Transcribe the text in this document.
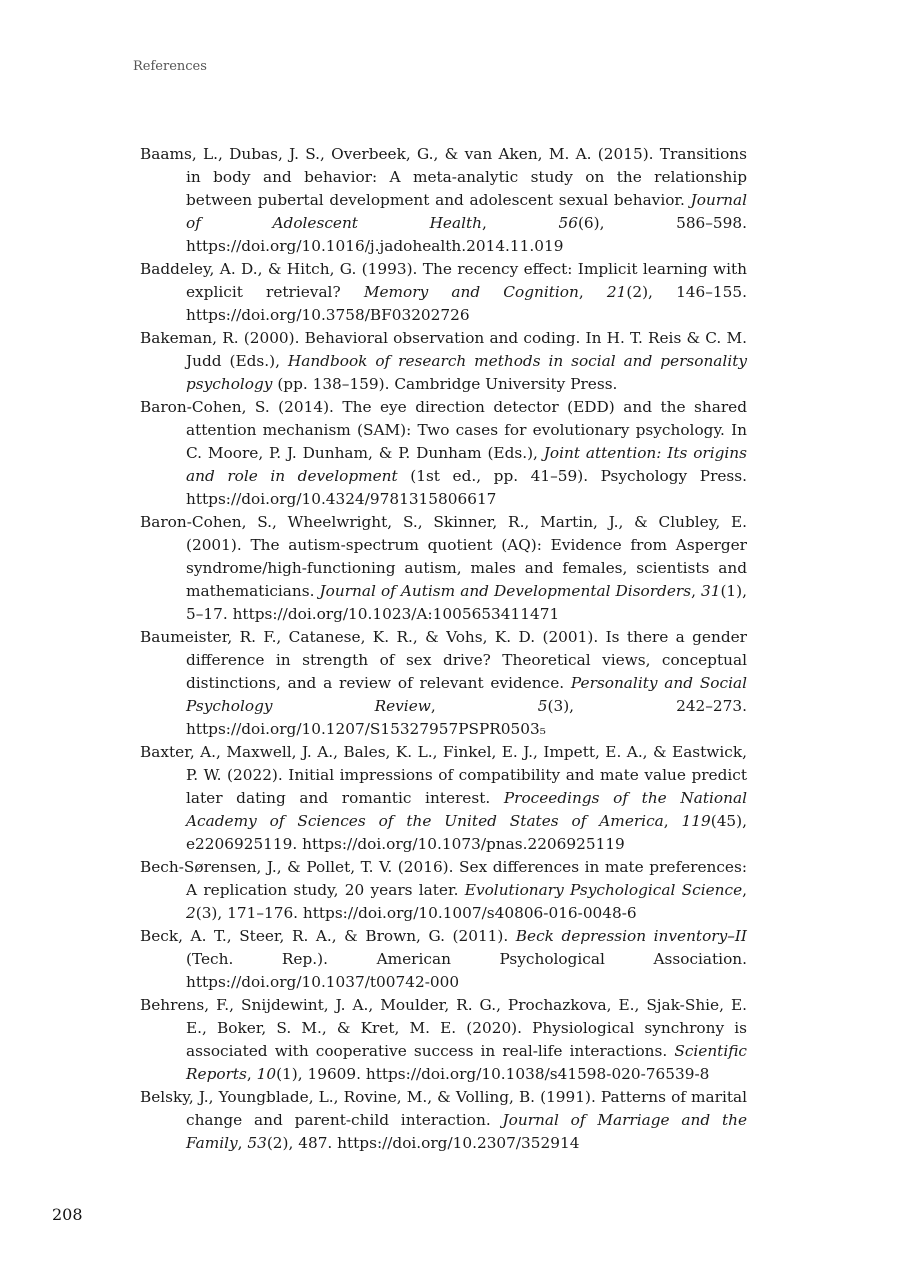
References

Baams, L., Dubas, J. S., Overbeek, G., & van Aken, M. A. (2015). Transitions in body and behavior: A meta-analytic study on the relationship between pubertal development and adolescent sexual behavior. Journal of Adolescent Health, 56(6), 586–598. https://doi.org/10.1016/j.jadohealth.2014.11.019

Baddeley, A. D., & Hitch, G. (1993). The recency effect: Implicit learning with explicit retrieval? Memory and Cognition, 21(2), 146–155. https://doi.org/10.3758/BF03202726

Bakeman, R. (2000). Behavioral observation and coding. In H. T. Reis & C. M. Judd (Eds.), Handbook of research methods in social and personality psychology (pp. 138–159). Cambridge University Press.

Baron-Cohen, S. (2014). The eye direction detector (EDD) and the shared attention mechanism (SAM): Two cases for evolutionary psychology. In C. Moore, P. J. Dunham, & P. Dunham (Eds.), Joint attention: Its origins and role in development (1st ed., pp. 41–59). Psychology Press. https://doi.org/10.4324/9781315806617

Baron-Cohen, S., Wheelwright, S., Skinner, R., Martin, J., & Clubley, E. (2001). The autism-spectrum quotient (AQ): Evidence from Asperger syndrome/high-functioning autism, males and females, scientists and mathematicians. Journal of Autism and Developmental Disorders, 31(1), 5–17. https://doi.org/10.1023/A:1005653411471

Baumeister, R. F., Catanese, K. R., & Vohs, K. D. (2001). Is there a gender difference in strength of sex drive? Theoretical views, conceptual distinctions, and a review of relevant evidence. Personality and Social Psychology Review, 5(3), 242–273. https://doi.org/10.1207/S15327957PSPR0503₅

Baxter, A., Maxwell, J. A., Bales, K. L., Finkel, E. J., Impett, E. A., & Eastwick, P. W. (2022). Initial impressions of compatibility and mate value predict later dating and romantic interest. Proceedings of the National Academy of Sciences of the United States of America, 119(45), e2206925119. https://doi.org/10.1073/pnas.2206925119

Bech-Sørensen, J., & Pollet, T. V. (2016). Sex differences in mate preferences: A replication study, 20 years later. Evolutionary Psychological Science, 2(3), 171–176. https://doi.org/10.1007/s40806-016-0048-6

Beck, A. T., Steer, R. A., & Brown, G. (2011). Beck depression inventory–II (Tech. Rep.). American Psychological Association. https://doi.org/10.1037/t00742-000

Behrens, F., Snijdewint, J. A., Moulder, R. G., Prochazkova, E., Sjak-Shie, E. E., Boker, S. M., & Kret, M. E. (2020). Physiological synchrony is associated with cooperative success in real-life interactions. Scientific Reports, 10(1), 19609. https://doi.org/10.1038/s41598-020-76539-8

Belsky, J., Youngblade, L., Rovine, M., & Volling, B. (1991). Patterns of marital change and parent-child interaction. Journal of Marriage and the Family, 53(2), 487. https://doi.org/10.2307/352914

208
